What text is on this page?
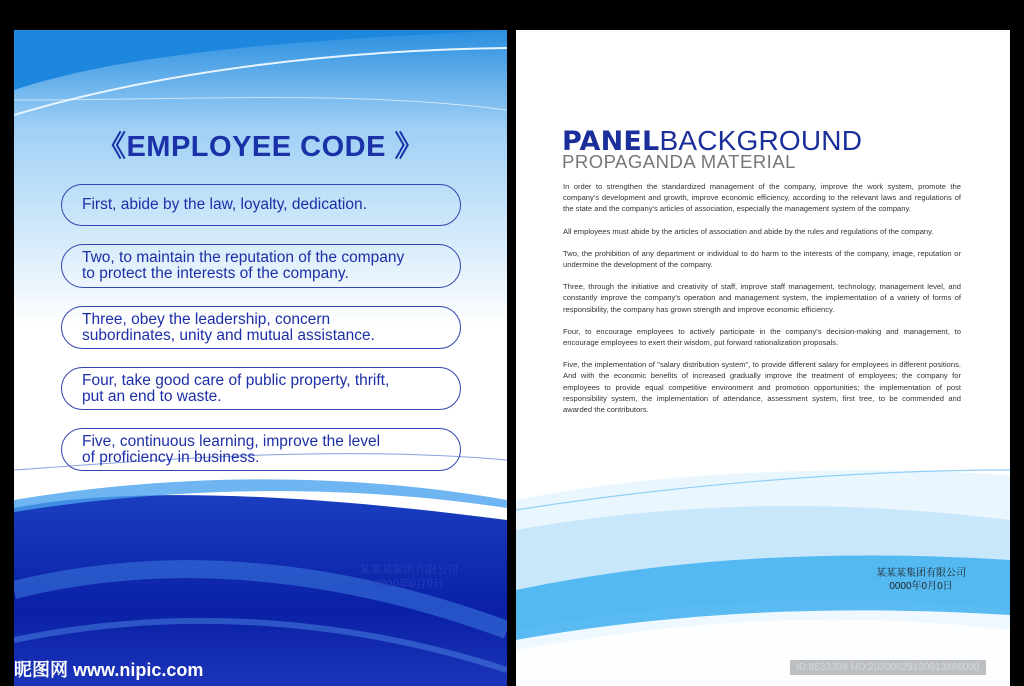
《EMPLOYEE CODE 》
First, abide by the law, loyalty, dedication.
Two, to maintain the reputation of the company
to protect the interests of the company.
Three, obey the leadership, concern
subordinates, unity and mutual assistance.
Four, take good care of public property, thrift,
put an end to waste.
Five, continuous learning, improve the level
of proficiency in business.
某某某集团有限公司
0000年0月0日
PANELBACKGROUND
PROPAGANDA MATERIAL

In order to strengthen the standardized management of the company, improve the work system, promote the company's development and growth, improve economic efficiency, according to the relevant laws and regulations of the state and the company's articles of association, especially the management system of the company.

All employees must abide by the articles of association and abide by the rules and regulations of the company.

Two, the prohibition of any department or individual to do harm to the interests of the company, image, reputation or undermine the development of the company.

Three, through the initiative and creativity of staff, improve staff management, technology, management level, and constantly improve the company's operation and management system, the implementation of a variety of forms of responsibility, the company has grown strength and improve economic efficiency.

Four, to encourage employees to actively participate in the company's decision-making and management, to encourage employees to exert their wisdom, put forward rationalization proposals.

Five, the implementation of "salary distribution system", to provide different salary for employees in different positions. And with the economic benefits of increased gradually improve the treatment of employees; the company for employees to provide equal competitive environment and promotion opportunities; the implementation of post responsibility system, the implementation of attendance, assessment system, first tree, to be commended and awarded the contributors.

某某某集团有限公司
0000年0月0日
昵图网 www.nipic.com	ID:8533399 NO:20200629130913466000
